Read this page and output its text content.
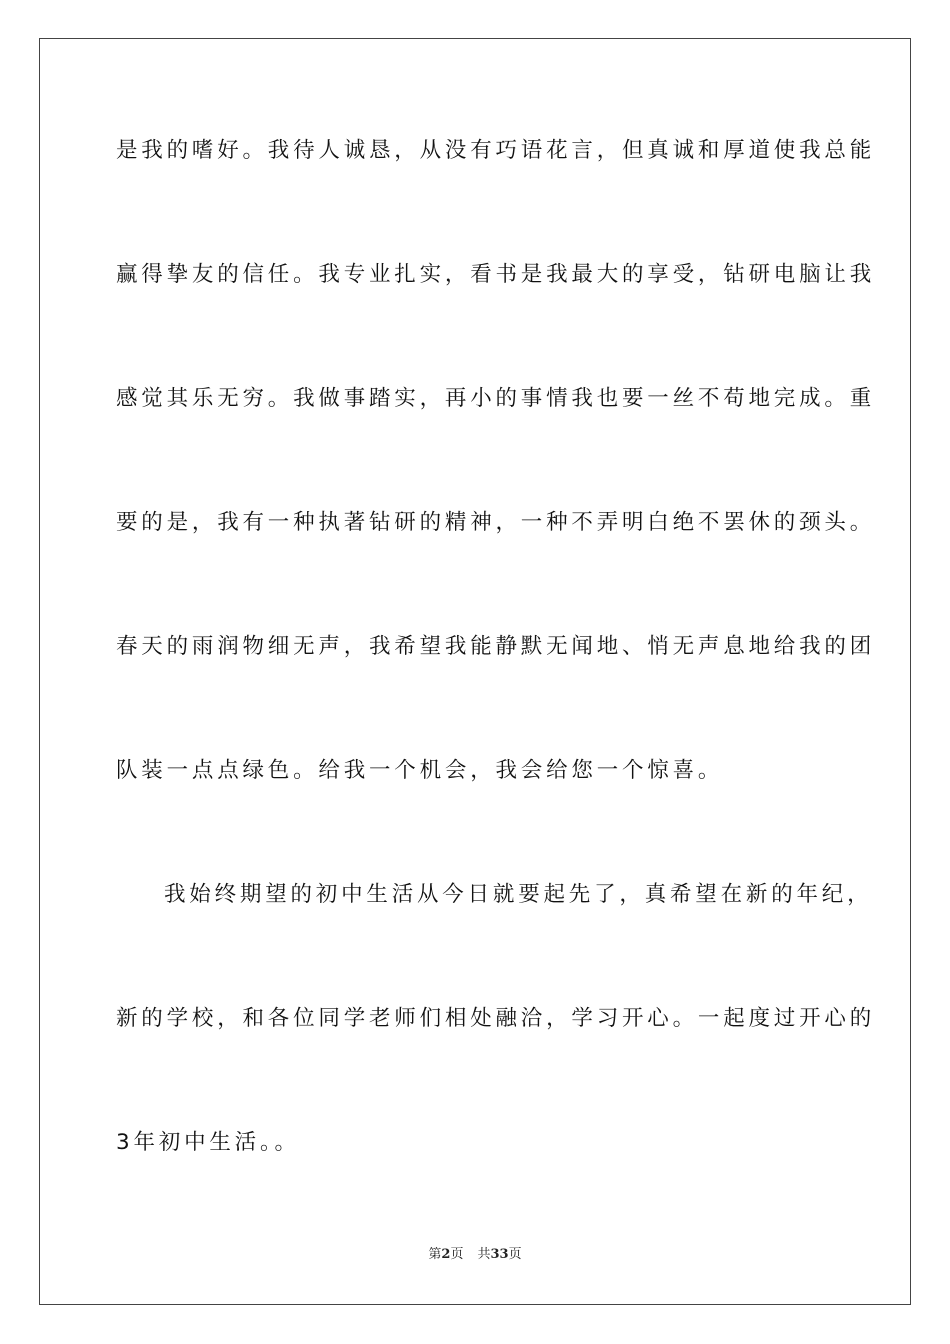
是我的嗜好。我待人诚恳，从没有巧语花言，但真诚和厚道使我总能

赢得挚友的信任。我专业扎实，看书是我最大的享受，钻研电脑让我

感觉其乐无穷。我做事踏实，再小的事情我也要一丝不苟地完成。重

要的是，我有一种执著钻研的精神，一种不弄明白绝不罢休的颈头。

春天的雨润物细无声，我希望我能静默无闻地、悄无声息地给我的团

队装一点点绿色。给我一个机会，我会给您一个惊喜。

我始终期望的初中生活从今日就要起先了，真希望在新的年纪，

新的学校，和各位同学老师们相处融洽，学习开心。一起度过开心的

3年初中生活。。

第2页 共33页
